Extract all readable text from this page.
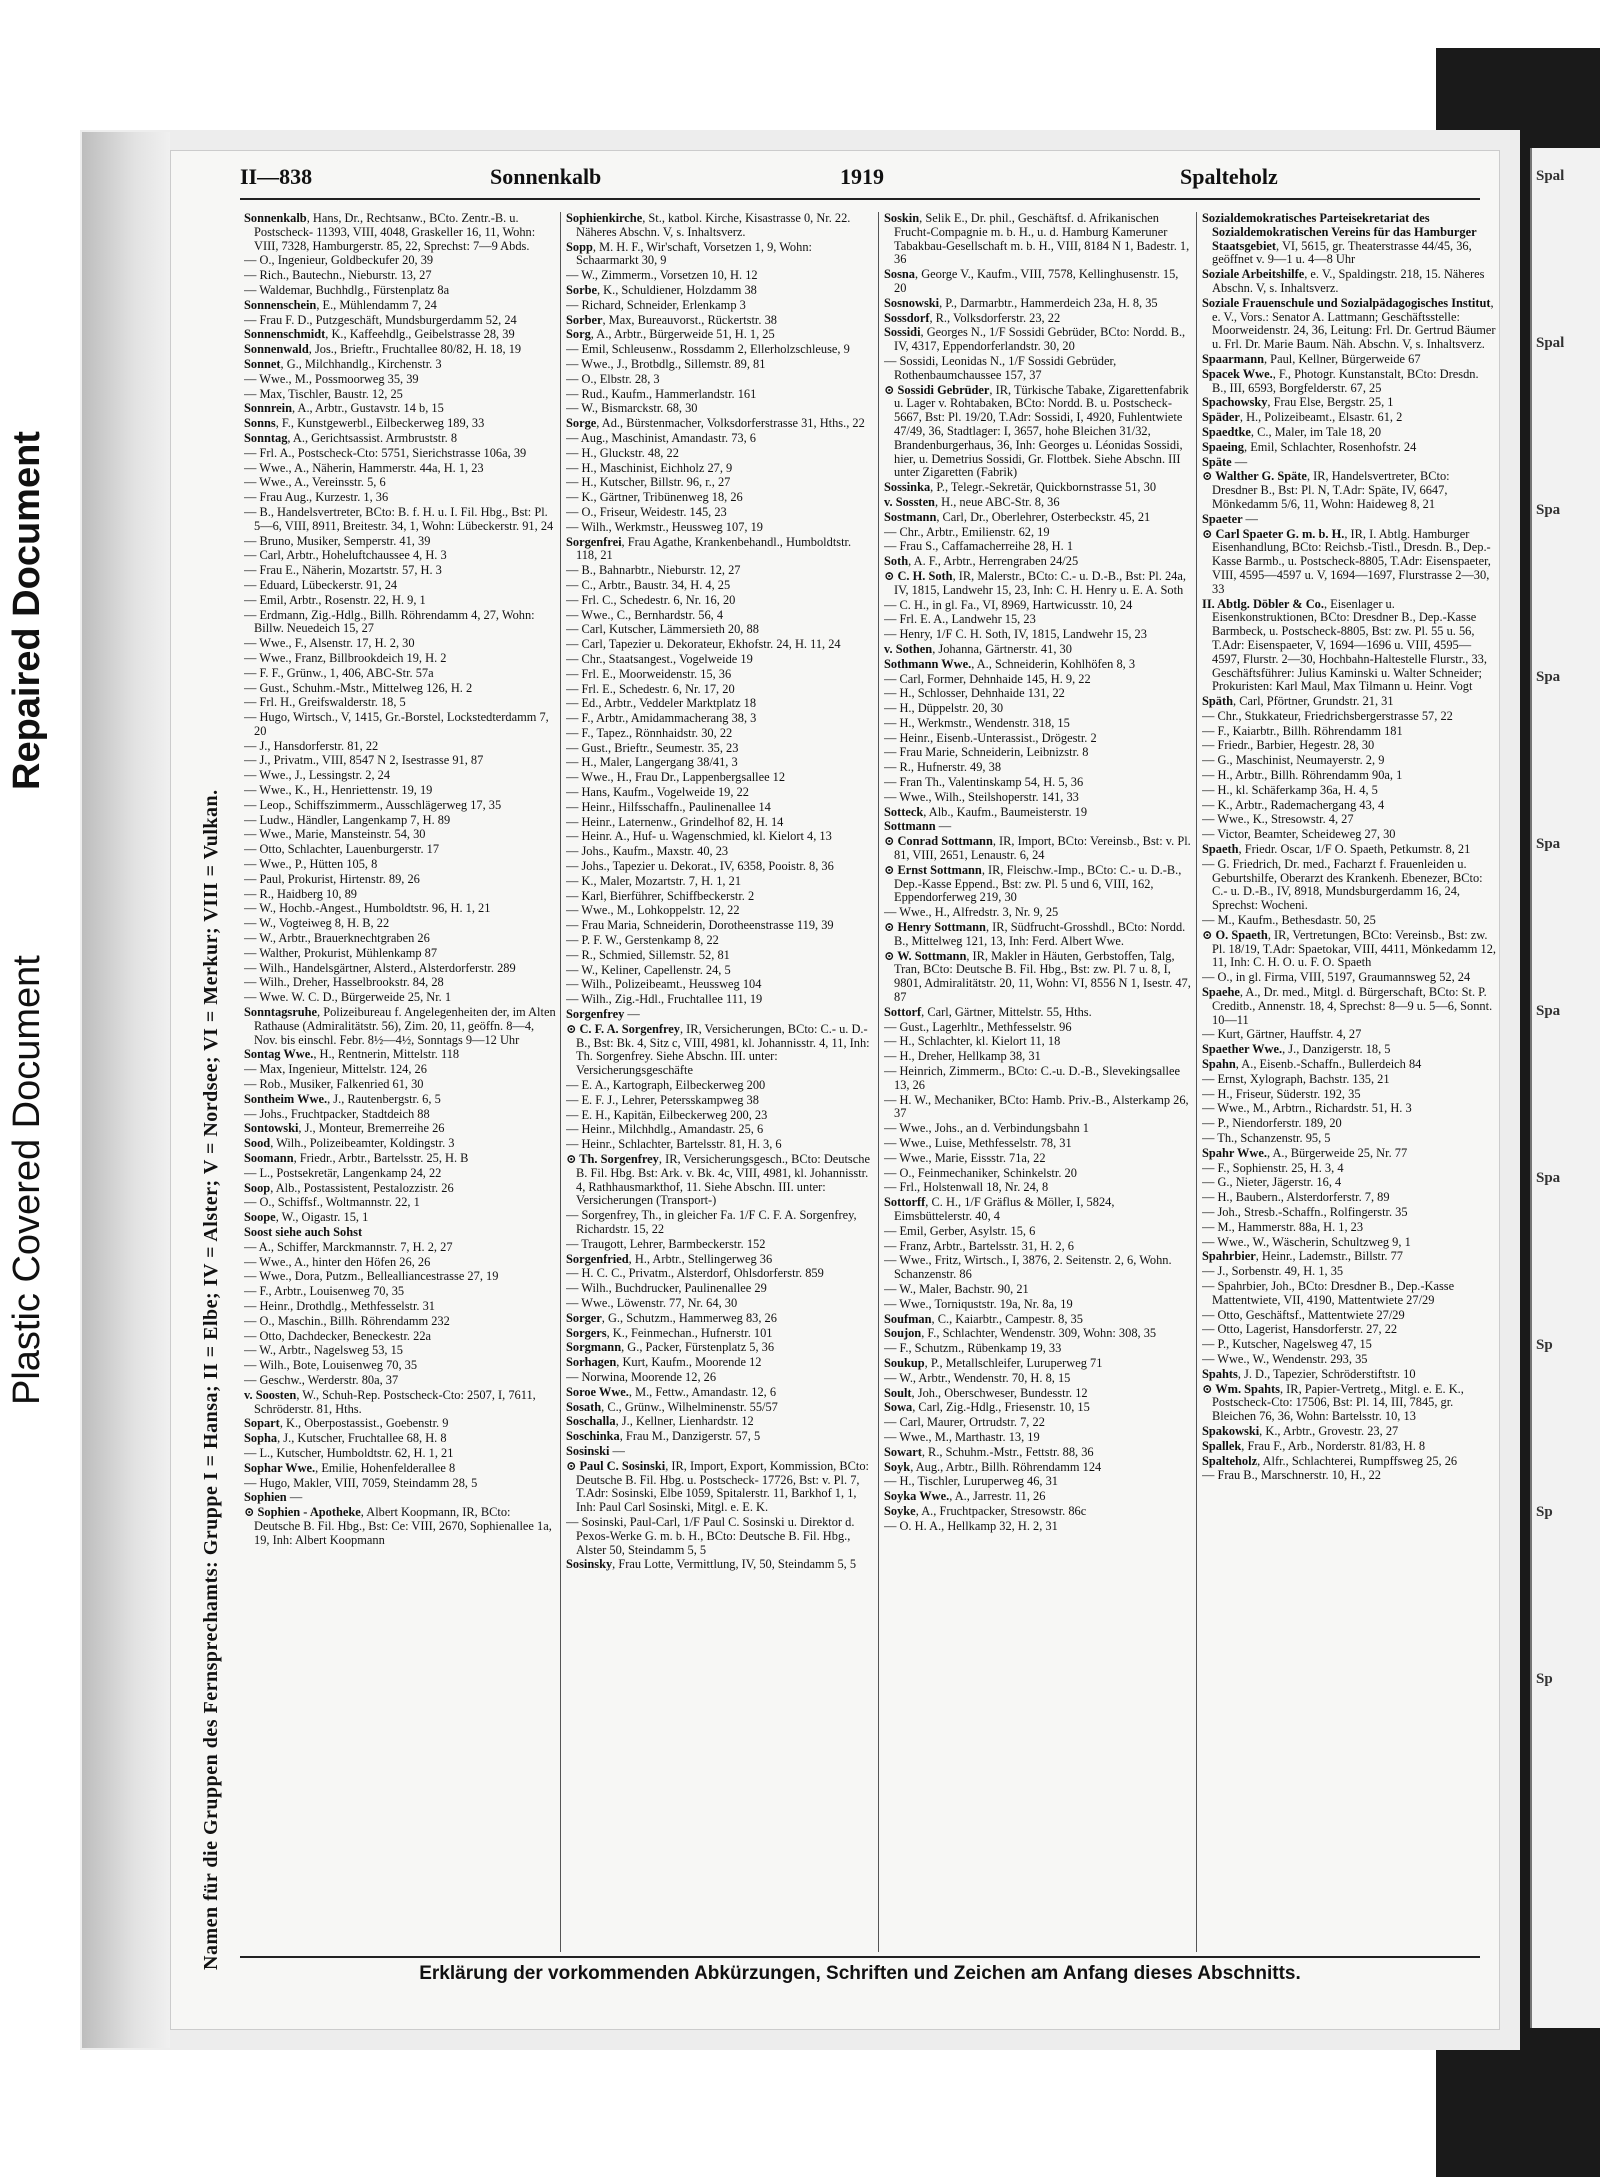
Spal
Spal
Spa
Spa
Spa
Spa
Spa
Sp
Sp
Sp
Plastic Covered Document
Repaired Document
II—838	Sonnenkalb	1919	Spalteholz
Namen für die Gruppen des Fernsprechamts: Gruppe I = Hansa; II = Elbe; IV = Alster; V = Nordsee; VI = Merkur; VIII = Vulkan.
Sonnenkalb, Hans, Dr., Rechtsanw., BCto. Zentr.-B. u. Postscheck- 11393, VIII, 4048, Graskeller 16, 11, Wohn: VIII, 7328, Hamburgerstr. 85, 22, Sprechst: 7—9 Abds.
— O., Ingenieur, Goldbeckufer 20, 39
— Rich., Bautechn., Nieburstr. 13, 27
— Waldemar, Buchhdlg., Fürstenplatz 8a
Sonnenschein, E., Mühlendamm 7, 24
— Frau F. D., Putzgeschäft, Mundsburgerdamm 52, 24
Sonnenschmidt, K., Kaffeehdlg., Geibelstrasse 28, 39
Sonnenwald, Jos., Brieftr., Fruchtallee 80/82, H. 18, 19
Sonnet, G., Milchhandlg., Kirchenstr. 3
— Wwe., M., Possmoorweg 35, 39
— Max, Tischler, Baustr. 12, 25
Sonnrein, A., Arbtr., Gustavstr. 14 b, 15
Sonns, F., Kunstgewerbl., Eilbeckerweg 189, 33
Sonntag, A., Gerichtsassist. Armbruststr. 8
— Frl. A., Postscheck-Cto: 5751, Sierichstrasse 106a, 39
— Wwe., A., Näherin, Hammerstr. 44a, H. 1, 23
— Wwe., A., Vereinsstr. 5, 6
— Frau Aug., Kurzestr. 1, 36
— B., Handelsvertreter, BCto: B. f. H. u. I. Fil. Hbg., Bst: Pl. 5—6, VIII, 8911, Breitestr. 34, 1, Wohn: Lübeckerstr. 91, 24
— Bruno, Musiker, Semperstr. 41, 39
— Carl, Arbtr., Hoheluftchaussee 4, H. 3
— Frau E., Näherin, Mozartstr. 57, H. 3
— Eduard, Lübeckerstr. 91, 24
— Emil, Arbtr., Rosenstr. 22, H. 9, 1
— Erdmann, Zig.-Hdlg., Billh. Röhrendamm 4, 27, Wohn: Billw. Neuedeich 15, 27
— Wwe., F., Alsenstr. 17, H. 2, 30
— Wwe., Franz, Billbrookdeich 19, H. 2
— F. F., Grünw., 1, 406, ABC-Str. 57a
— Gust., Schuhm.-Mstr., Mittelweg 126, H. 2
— Frl. H., Greifswalderstr. 18, 5
— Hugo, Wirtsch., V, 1415, Gr.-Borstel, Lockstedterdamm 7, 20
— J., Hansdorferstr. 81, 22
— J., Privatm., VIII, 8547 N 2, Isestrasse 91, 87
— Wwe., J., Lessingstr. 2, 24
— Wwe., K., H., Henriettenstr. 19, 19
— Leop., Schiffszimmerm., Ausschlägerweg 17, 35
— Ludw., Händler, Langenkamp 7, H. 89
— Wwe., Marie, Mansteinstr. 54, 30
— Otto, Schlachter, Lauenburgerstr. 17
— Wwe., P., Hütten 105, 8
— Paul, Prokurist, Hirtenstr. 89, 26
— R., Haidberg 10, 89
— W., Hochb.-Angest., Humboldtstr. 96, H. 1, 21
— W., Vogteiweg 8, H. B, 22
— W., Arbtr., Brauerknechtgraben 26
— Walther, Prokurist, Mühlenkamp 87
— Wilh., Handelsgärtner, Alsterd., Alsterdorferstr. 289
— Wilh., Dreher, Hasselbrookstr. 84, 28
— Wwe. W. C. D., Bürgerweide 25, Nr. 1
Sonntagsruhe, Polizeibureau f. Angelegenheiten der, im Alten Rathause (Admiralitätstr. 56), Zim. 20, 11, geöffn. 8—4, Nov. bis einschl. Febr. 8½—4½, Sonntags 9—12 Uhr
Sontag Wwe., H., Rentnerin, Mittelstr. 118
— Max, Ingenieur, Mittelstr. 124, 26
— Rob., Musiker, Falkenried 61, 30
Sontheim Wwe., J., Rautenbergstr. 6, 5
— Johs., Fruchtpacker, Stadtdeich 88
Sontowski, J., Monteur, Bremerreihe 26
Sood, Wilh., Polizeibeamter, Koldingstr. 3
Soomann, Friedr., Arbtr., Bartelsstr. 25, H. B
— L., Postsekretär, Langenkamp 24, 22
Soop, Alb., Postassistent, Pestalozzistr. 26
— O., Schiffsf., Woltmannstr. 22, 1
Soope, W., Oigastr. 15, 1
Soost siehe auch Sohst
— A., Schiffer, Marckmannstr. 7, H. 2, 27
— Wwe., A., hinter den Höfen 26, 26
— Wwe., Dora, Putzm., Bellealliancestrasse 27, 19
— F., Arbtr., Louisenweg 70, 35
— Heinr., Drothdlg., Methfesselstr. 31
— O., Maschin., Billh. Röhrendamm 232
— Otto, Dachdecker, Beneckestr. 22a
— W., Arbtr., Nagelsweg 53, 15
— Wilh., Bote, Louisenweg 70, 35
— Geschw., Werderstr. 80a, 37
v. Soosten, W., Schuh-Rep. Postscheck-Cto: 2507, I, 7611, Schröderstr. 81, Hths.
Sopart, K., Oberpostassist., Goebenstr. 9
Sopha, J., Kutscher, Fruchtallee 68, H. 8
— L., Kutscher, Humboldtstr. 62, H. 1, 21
Sophar Wwe., Emilie, Hohenfelderallee 8
— Hugo, Makler, VIII, 7059, Steindamm 28, 5
Sophien —
⊙ Sophien - Apotheke, Albert Koopmann, IR, BCto: Deutsche B. Fil. Hbg., Bst: Ce: VIII, 2670, Sophienallee 1a, 19, Inh: Albert Koopmann
Sophienkirche, St., katbol. Kirche, Kisastrasse 0, Nr. 22. Näheres Abschn. V, s. Inhaltsverz.
Sopp, M. H. F., Wir'schaft, Vorsetzen 1, 9, Wohn: Schaarmarkt 30, 9
— W., Zimmerm., Vorsetzen 10, H. 12
Sorbe, K., Schuldiener, Holzdamm 38
— Richard, Schneider, Erlenkamp 3
Sorber, Max, Bureauvorst., Rückertstr. 38
Sorg, A., Arbtr., Bürgerweide 51, H. 1, 25
— Emil, Schleusenw., Rossdamm 2, Ellerholzschleuse, 9
— Wwe., J., Brotbdlg., Sillemstr. 89, 81
— O., Elbstr. 28, 3
— Rud., Kaufm., Hammerlandstr. 161
— W., Bismarckstr. 68, 30
Sorge, Ad., Bürstenmacher, Volksdorferstrasse 31, Hths., 22
— Aug., Maschinist, Amandastr. 73, 6
— H., Gluckstr. 48, 22
— H., Maschinist, Eichholz 27, 9
— H., Kutscher, Billstr. 96, r., 27
— K., Gärtner, Tribünenweg 18, 26
— O., Friseur, Weidestr. 145, 23
— Wilh., Werkmstr., Heussweg 107, 19
Sorgenfrei, Frau Agathe, Krankenbehandl., Humboldtstr. 118, 21
— B., Bahnarbtr., Nieburstr. 12, 27
— C., Arbtr., Baustr. 34, H. 4, 25
— Frl. C., Schedestr. 6, Nr. 16, 20
— Wwe., C., Bernhardstr. 56, 4
— Carl, Kutscher, Lämmersieth 20, 88
— Carl, Tapezier u. Dekorateur, Ekhofstr. 24, H. 11, 24
— Chr., Staatsangest., Vogelweide 19
— Frl. E., Moorweidenstr. 15, 36
— Frl. E., Schedestr. 6, Nr. 17, 20
— Ed., Arbtr., Veddeler Marktplatz 18
— F., Arbtr., Amidammacherang 38, 3
— F., Tapez., Rönnhaidstr. 30, 22
— Gust., Brieftr., Seumestr. 35, 23
— H., Maler, Langergang 38/41, 3
— Wwe., H., Frau Dr., Lappenbergsallee 12
— Hans, Kaufm., Vogelweide 19, 22
— Heinr., Hilfsschaffn., Paulinenallee 14
— Heinr., Laternenw., Grindelhof 82, H. 14
— Heinr. A., Huf- u. Wagenschmied, kl. Kielort 4, 13
— Johs., Kaufm., Maxstr. 40, 23
— Johs., Tapezier u. Dekorat., IV, 6358, Pooistr. 8, 36
— K., Maler, Mozartstr. 7, H. 1, 21
— Karl, Bierführer, Schiffbeckerstr. 2
— Wwe., M., Lohkoppelstr. 12, 22
— Frau Maria, Schneiderin, Dorotheenstrasse 119, 39
— P. F. W., Gerstenkamp 8, 22
— R., Schmied, Sillemstr. 52, 81
— W., Keliner, Capellenstr. 24, 5
— Wilh., Polizeibeamt., Heussweg 104
— Wilh., Zig.-Hdl., Fruchtallee 111, 19
Sorgenfrey —
⊙ C. F. A. Sorgenfrey, IR, Versicherungen, BCto: C.- u. D.-B., Bst: Bk. 4, Sitz c, VIII, 4981, kl. Johannisstr. 4, 11, Inh: Th. Sorgenfrey. Siehe Abschn. III. unter: Versicherungsgeschäfte
— E. A., Kartograph, Eilbeckerweg 200
— E. F. J., Lehrer, Petersskampweg 38
— E. H., Kapitän, Eilbeckerweg 200, 23
— Heinr., Milchhdlg., Amandastr. 25, 6
— Heinr., Schlachter, Bartelsstr. 81, H. 3, 6
⊙ Th. Sorgenfrey, IR, Versicherungsgesch., BCto: Deutsche B. Fil. Hbg. Bst: Ark. v. Bk. 4c, VIII, 4981, kl. Johannisstr. 4, Rathhausmarkthof, 11. Siehe Abschn. III. unter: Versicherungen (Transport-)
— Sorgenfrey, Th., in gleicher Fa. 1/F C. F. A. Sorgenfrey, Richardstr. 15, 22
— Traugott, Lehrer, Barmbeckerstr. 152
Sorgenfried, H., Arbtr., Stellingerweg 36
— H. C. C., Privatm., Alsterdorf, Ohlsdorferstr. 859
— Wilh., Buchdrucker, Paulinenallee 29
— Wwe., Löwenstr. 77, Nr. 64, 30
Sorger, G., Schutzm., Hammerweg 83, 26
Sorgers, K., Feinmechan., Hufnerstr. 101
Sorgmann, G., Packer, Fürstenplatz 5, 36
Sorhagen, Kurt, Kaufm., Moorende 12
— Norwina, Moorende 12, 26
Soroe Wwe., M., Fettw., Amandastr. 12, 6
Sosath, C., Grünw., Wilhelminenstr. 55/57
Soschalla, J., Kellner, Lienhardstr. 12
Soschinka, Frau M., Danzigerstr. 57, 5
Sosinski —
⊙ Paul C. Sosinski, IR, Import, Export, Kommission, BCto: Deutsche B. Fil. Hbg. u. Postscheck- 17726, Bst: v. Pl. 7, T.Adr: Sosinski, Elbe 1059, Spitalerstr. 11, Barkhof 1, 1, Inh: Paul Carl Sosinski, Mitgl. e. E. K.
— Sosinski, Paul-Carl, 1/F Paul C. Sosinski u. Direktor d. Pexos-Werke G. m. b. H., BCto: Deutsche B. Fil. Hbg., Alster 50, Steindamm 5, 5
Sosinsky, Frau Lotte, Vermittlung, IV, 50, Steindamm 5, 5
Soskin, Selik E., Dr. phil., Geschäftsf. d. Afrikanischen Frucht-Compagnie m. b. H., u. d. Hamburg Kameruner Tabakbau-Gesellschaft m. b. H., VIII, 8184 N 1, Badestr. 1, 36
Sosna, George V., Kaufm., VIII, 7578, Kellinghusenstr. 15, 20
Sosnowski, P., Darmarbtr., Hammerdeich 23a, H. 8, 35
Sossdorf, R., Volksdorferstr. 23, 22
Sossidi, Georges N., 1/F Sossidi Gebrüder, BCto: Nordd. B., IV, 4317, Eppendorferlandstr. 30, 20
— Sossidi, Leonidas N., 1/F Sossidi Gebrüder, Rothenbaumchaussee 157, 37
⊙ Sossidi Gebrüder, IR, Türkische Tabake, Zigarettenfabrik u. Lager v. Rohtabaken, BCto: Nordd. B. u. Postscheck- 5667, Bst: Pl. 19/20, T.Adr: Sossidi, I, 4920, Fuhlentwiete 47/49, 36, Stadtlager: I, 3657, hohe Bleichen 31/32, Brandenburgerhaus, 36, Inh: Georges u. Léonidas Sossidi, hier, u. Demetrius Sossidi, Gr. Flottbek. Siehe Abschn. III unter Zigaretten (Fabrik)
Sossinka, P., Telegr.-Sekretär, Quickbornstrasse 51, 30
v. Sossten, H., neue ABC-Str. 8, 36
Sostmann, Carl, Dr., Oberlehrer, Osterbeckstr. 45, 21
— Chr., Arbtr., Emilienstr. 62, 19
— Frau S., Caffamacherreihe 28, H. 1
Soth, A. F., Arbtr., Herrengraben 24/25
⊙ C. H. Soth, IR, Malerstr., BCto: C.- u. D.-B., Bst: Pl. 24a, IV, 1815, Landwehr 15, 23, Inh: C. H. Henry u. E. A. Soth
— C. H., in gl. Fa., VI, 8969, Hartwicusstr. 10, 24
— Frl. E. A., Landwehr 15, 23
— Henry, 1/F C. H. Soth, IV, 1815, Landwehr 15, 23
v. Sothen, Johanna, Gärtnerstr. 41, 30
Sothmann Wwe., A., Schneiderin, Kohlhöfen 8, 3
— Carl, Former, Dehnhaide 145, H. 9, 22
— H., Schlosser, Dehnhaide 131, 22
— H., Düppelstr. 20, 30
— H., Werkmstr., Wendenstr. 318, 15
— Heinr., Eisenb.-Unterassist., Drögestr. 2
— Frau Marie, Schneiderin, Leibnizstr. 8
— R., Hufnerstr. 49, 38
— Fran Th., Valentinskamp 54, H. 5, 36
— Wwe., Wilh., Steilshoperstr. 141, 33
Sotteck, Alb., Kaufm., Baumeisterstr. 19
Sottmann —
⊙ Conrad Sottmann, IR, Import, BCto: Vereinsb., Bst: v. Pl. 81, VIII, 2651, Lenaustr. 6, 24
⊙ Ernst Sottmann, IR, Fleischw.-Imp., BCto: C.- u. D.-B., Dep.-Kasse Eppend., Bst: zw. Pl. 5 und 6, VIII, 162, Eppendorferweg 219, 30
— Wwe., H., Alfredstr. 3, Nr. 9, 25
⊙ Henry Sottmann, IR, Südfrucht-Grosshdl., BCto: Nordd. B., Mittelweg 121, 13, Inh: Ferd. Albert Wwe.
⊙ W. Sottmann, IR, Makler in Häuten, Gerbstoffen, Talg, Tran, BCto: Deutsche B. Fil. Hbg., Bst: zw. Pl. 7 u. 8, I, 9801, Admiralitätstr. 20, 11, Wohn: VI, 8556 N 1, Isestr. 47, 87
Sottorf, Carl, Gärtner, Mittelstr. 55, Hths.
— Gust., Lagerhltr., Methfesselstr. 96
— H., Schlachter, kl. Kielort 11, 18
— H., Dreher, Hellkamp 38, 31
— Heinrich, Zimmerm., BCto: C.-u. D.-B., Slevekingsallee 13, 26
— H. W., Mechaniker, BCto: Hamb. Priv.-B., Alsterkamp 26, 37
— Wwe., Johs., an d. Verbindungsbahn 1
— Wwe., Luise, Methfesselstr. 78, 31
— Wwe., Marie, Eissstr. 71a, 22
— O., Feinmechaniker, Schinkelstr. 20
— Frl., Holstenwall 18, Nr. 24, 8
Sottorff, C. H., 1/F Gräflus & Möller, I, 5824, Eimsbüttelerstr. 40, 4
— Emil, Gerber, Asylstr. 15, 6
— Franz, Arbtr., Bartelsstr. 31, H. 2, 6
— Wwe., Fritz, Wirtsch., I, 3876, 2. Seitenstr. 2, 6, Wohn. Schanzenstr. 86
— W., Maler, Bachstr. 90, 21
— Wwe., Torniquststr. 19a, Nr. 8a, 19
Soufman, C., Kaiarbtr., Campestr. 8, 35
Soujon, F., Schlachter, Wendenstr. 309, Wohn: 308, 35
— F., Schutzm., Rübenkamp 19, 33
Soukup, P., Metallschleifer, Luruperweg 71
— W., Arbtr., Wendenstr. 70, H. 8, 15
Soult, Joh., Oberschweser, Bundesstr. 12
Sowa, Carl, Zig.-Hdlg., Friesenstr. 10, 15
— Carl, Maurer, Ortrudstr. 7, 22
— Wwe., M., Marthastr. 13, 19
Sowart, R., Schuhm.-Mstr., Fettstr. 88, 36
Soyk, Aug., Arbtr., Billh. Röhrendamm 124
— H., Tischler, Luruperweg 46, 31
Soyka Wwe., A., Jarrestr. 11, 26
Soyke, A., Fruchtpacker, Stresowstr. 86c
— O. H. A., Hellkamp 32, H. 2, 31
Sozialdemokratisches Parteisekretariat des Sozialdemokratischen Vereins für das Hamburger Staatsgebiet, VI, 5615, gr. Theaterstrasse 44/45, 36, geöffnet v. 9—1 u. 4—8 Uhr
Soziale Arbeitshilfe, e. V., Spaldingstr. 218, 15. Näheres Abschn. V, s. Inhaltsverz.
Soziale Frauenschule und Sozialpädagogisches Institut, e. V., Vors.: Senator A. Lattmann; Geschäftsstelle: Moorweidenstr. 24, 36, Leitung: Frl. Dr. Gertrud Bäumer u. Frl. Dr. Marie Baum. Näh. Abschn. V, s. Inhaltsverz.
Spaarmann, Paul, Kellner, Bürgerweide 67
Spacek Wwe., F., Photogr. Kunstanstalt, BCto: Dresdn. B., III, 6593, Borgfelderstr. 67, 25
Spachowsky, Frau Else, Bergstr. 25, 1
Späder, H., Polizeibeamt., Elsastr. 61, 2
Spaedtke, C., Maler, im Tale 18, 20
Spaeing, Emil, Schlachter, Rosenhofstr. 24
Späte —
⊙ Walther G. Späte, IR, Handelsvertreter, BCto: Dresdner B., Bst: Pl. N, T.Adr: Späte, IV, 6647, Mönkedamm 5/6, 11, Wohn: Haideweg 8, 21
Spaeter —
⊙ Carl Spaeter G. m. b. H., IR, I. Abtlg. Hamburger Eisenhandlung, BCto: Reichsb.-Tistl., Dresdn. B., Dep.-Kasse Barmb., u. Postscheck-8805, T.Adr: Eisenspaeter, VIII, 4595—4597 u. V, 1694—1697, Flurstrasse 2—30, 33
II. Abtlg. Döbler & Co., Eisenlager u. Eisenkonstruktionen, BCto: Dresdner B., Dep.-Kasse Barmbeck, u. Postscheck-8805, Bst: zw. Pl. 55 u. 56, T.Adr: Eisenspaeter, V, 1694—1696 u. VIII, 4595—4597, Flurstr. 2—30, Hochbahn-Haltestelle Flurstr., 33, Geschäftsführer: Julius Kaminski u. Walter Schneider; Prokuristen: Karl Maul, Max Tilmann u. Heinr. Vogt
Späth, Carl, Pförtner, Grundstr. 21, 31
— Chr., Stukkateur, Friedrichsbergerstrasse 57, 22
— F., Kaiarbtr., Billh. Röhrendamm 181
— Friedr., Barbier, Hegestr. 28, 30
— G., Maschinist, Neumayerstr. 2, 9
— H., Arbtr., Billh. Röhrendamm 90a, 1
— H., kl. Schäferkamp 36a, H. 4, 5
— K., Arbtr., Rademachergang 43, 4
— Wwe., K., Stresowstr. 4, 27
— Victor, Beamter, Scheideweg 27, 30
Spaeth, Friedr. Oscar, 1/F O. Spaeth, Petkumstr. 8, 21
— G. Friedrich, Dr. med., Facharzt f. Frauenleiden u. Geburtshilfe, Oberarzt des Krankenh. Ebenezer, BCto: C.- u. D.-B., IV, 8918, Mundsburgerdamm 16, 24, Sprechst: Wocheni.
— M., Kaufm., Bethesdastr. 50, 25
⊙ O. Spaeth, IR, Vertretungen, BCto: Vereinsb., Bst: zw. Pl. 18/19, T.Adr: Spaetokar, VIII, 4411, Mönkedamm 12, 11, Inh: C. H. O. u. F. O. Spaeth
— O., in gl. Firma, VIII, 5197, Graumannsweg 52, 24
Spaehe, A., Dr. med., Mitgl. d. Bürgerschaft, BCto: St. P. Creditb., Annenstr. 18, 4, Sprechst: 8—9 u. 5—6, Sonnt. 10—11
— Kurt, Gärtner, Hauffstr. 4, 27
Spaether Wwe., J., Danzigerstr. 18, 5
Spahn, A., Eisenb.-Schaffn., Bullerdeich 84
— Ernst, Xylograph, Bachstr. 135, 21
— H., Friseur, Süderstr. 192, 35
— Wwe., M., Arbtrn., Richardstr. 51, H. 3
— P., Niendorferstr. 189, 20
— Th., Schanzenstr. 95, 5
Spahr Wwe., A., Bürgerweide 25, Nr. 77
— F., Sophienstr. 25, H. 3, 4
— G., Nieter, Jägerstr. 16, 4
— H., Baubern., Alsterdorferstr. 7, 89
— Joh., Stresb.-Schaffn., Rolfingerstr. 35
— M., Hammerstr. 88a, H. 1, 23
— Wwe., W., Wäscherin, Schultzweg 9, 1
Spahrbier, Heinr., Lademstr., Billstr. 77
— J., Sorbenstr. 49, H. 1, 35
— Spahrbier, Joh., BCto: Dresdner B., Dep.-Kasse Mattentwiete, VII, 4190, Mattentwiete 27/29
— Otto, Geschäftsf., Mattentwiete 27/29
— Otto, Lagerist, Hansdorferstr. 27, 22
— P., Kutscher, Nagelsweg 47, 15
— Wwe., W., Wendenstr. 293, 35
Spahts, J. D., Tapezier, Schröderstiftstr. 10
⊙ Wm. Spahts, IR, Papier-Vertretg., Mitgl. e. E. K., Postscheck-Cto: 17506, Bst: Pl. 14, III, 7845, gr. Bleichen 76, 36, Wohn: Bartelsstr. 10, 13
Spakowski, K., Arbtr., Grovestr. 23, 27
Spallek, Frau F., Arb., Norderstr. 81/83, H. 8
Spalteholz, Alfr., Schlachterei, Rumpffsweg 25, 26
— Frau B., Marschnerstr. 10, H., 22
Erklärung der vorkommenden Abkürzungen, Schriften und Zeichen am Anfang dieses Abschnitts.
